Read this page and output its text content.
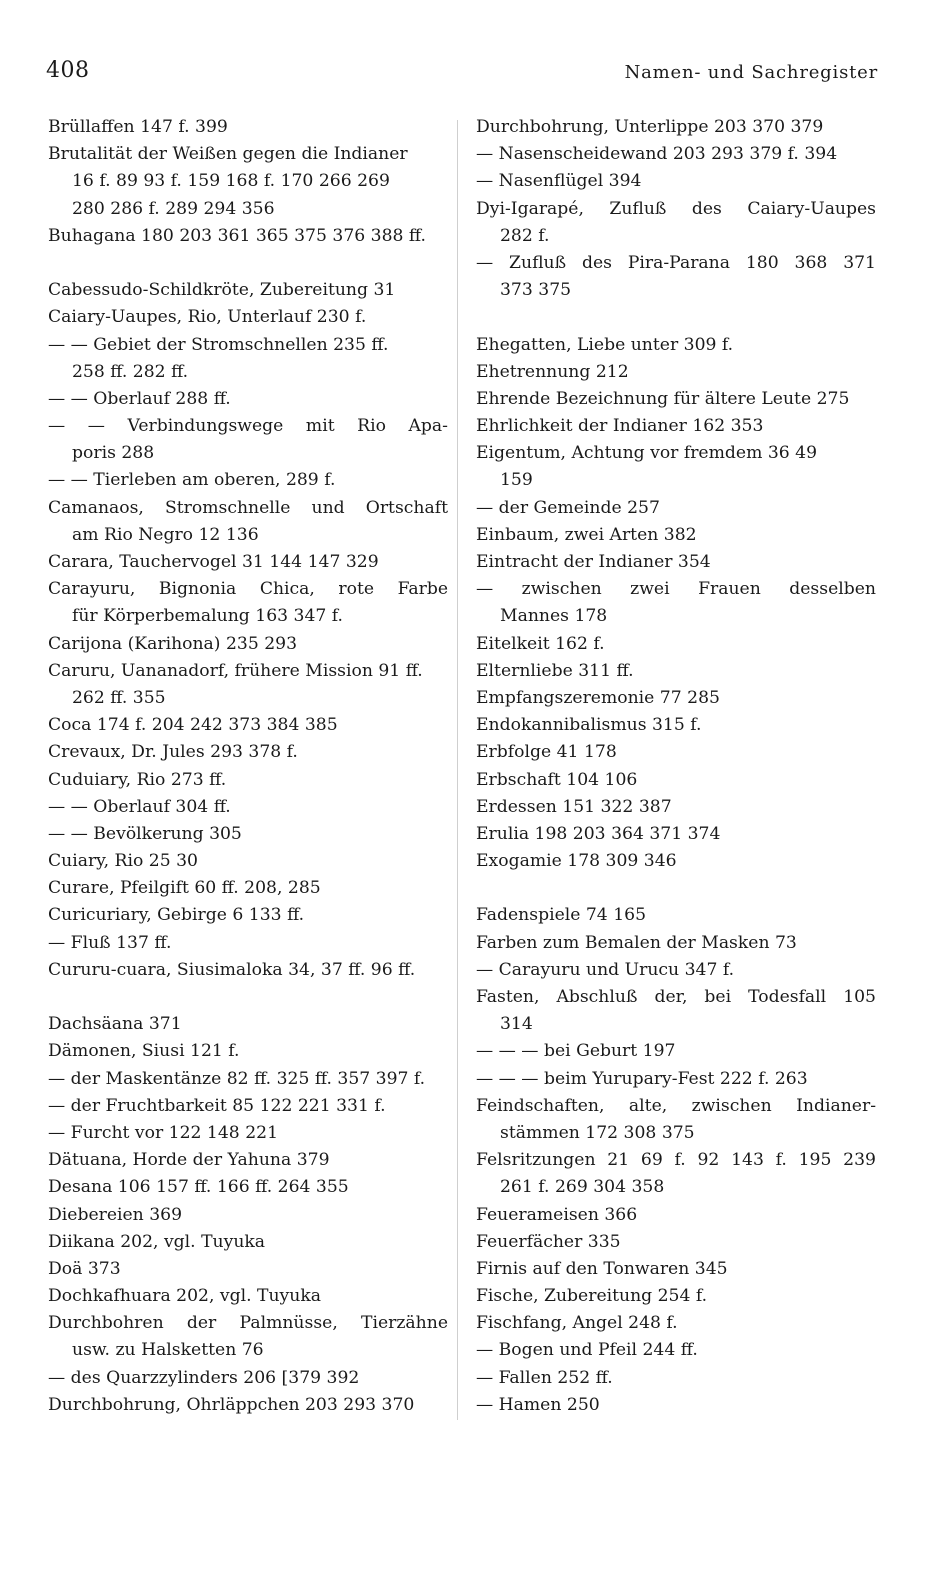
408	Namen- und Sachregister
Brüllaffen 147 f. 399
Brutalität der Weißen gegen die Indianer
16 f. 89 93 f. 159 168 f. 170 266 269
280 286 f. 289 294 356
Buhagana 180 203 361 365 375 376 388 ff.
Cabessudo-Schildkröte, Zubereitung 31
Caiary-Uaupes, Rio, Unterlauf 230 f.
— — Gebiet der Stromschnellen 235 ff.
258 ff. 282 ff.
— — Oberlauf 288 ff.
— — Verbindungswege mit Rio Apa-
poris 288
— — Tierleben am oberen, 289 f.
Camanaos, Stromschnelle und Ortschaft
am Rio Negro 12 136
Carara, Tauchervogel 31 144 147 329
Carayuru, Bignonia Chica, rote Farbe
für Körperbemalung 163 347 f.
Carijona (Karihona) 235 293
Caruru, Uananadorf, frühere Mission 91 ff.
262 ff. 355
Coca 174 f. 204 242 373 384 385
Crevaux, Dr. Jules 293 378 f.
Cuduiary, Rio 273 ff.
— — Oberlauf 304 ff.
— — Bevölkerung 305
Cuiary, Rio 25 30
Curare, Pfeilgift 60 ff. 208, 285
Curicuriary, Gebirge 6 133 ff.
— Fluß 137 ff.
Cururu-cuara, Siusimaloka 34, 37 ff. 96 ff.
Dachsäana 371
Dämonen, Siusi 121 f.
— der Maskentänze 82 ff. 325 ff. 357 397 f.
— der Fruchtbarkeit 85 122 221 331 f.
— Furcht vor 122 148 221
Dätuana, Horde der Yahuna 379
Desana 106 157 ff. 166 ff. 264 355
Diebereien 369
Diikana 202, vgl. Tuyuka
Doä 373
Dochkafhuara 202, vgl. Tuyuka
Durchbohren der Palmnüsse, Tierzähne
usw. zu Halsketten 76
— des Quarzzylinders 206 [379 392
Durchbohrung, Ohrläppchen 203 293 370
Durchbohrung, Unterlippe 203 370 379
— Nasenscheidewand 203 293 379 f. 394
— Nasenflügel 394
Dyi-Igarapé, Zufluß des Caiary-Uaupes
282 f.
— Zufluß des Pira-Parana 180 368 371
373 375
Ehegatten, Liebe unter 309 f.
Ehetrennung 212
Ehrende Bezeichnung für ältere Leute 275
Ehrlichkeit der Indianer 162 353
Eigentum, Achtung vor fremdem 36 49
159
— der Gemeinde 257
Einbaum, zwei Arten 382
Eintracht der Indianer 354
— zwischen zwei Frauen desselben
Mannes 178
Eitelkeit 162 f.
Elternliebe 311 ff.
Empfangszeremonie 77 285
Endokannibalismus 315 f.
Erbfolge 41 178
Erbschaft 104 106
Erdessen 151 322 387
Erulia 198 203 364 371 374
Exogamie 178 309 346
Fadenspiele 74 165
Farben zum Bemalen der Masken 73
— Carayuru und Urucu 347 f.
Fasten, Abschluß der, bei Todesfall 105
314
— — — bei Geburt 197
— — — beim Yurupary-Fest 222 f. 263
Feindschaften, alte, zwischen Indianer-
stämmen 172 308 375
Felsritzungen 21 69 f. 92 143 f. 195 239
261 f. 269 304 358
Feuerameisen 366
Feuerfächer 335
Firnis auf den Tonwaren 345
Fische, Zubereitung 254 f.
Fischfang, Angel 248 f.
— Bogen und Pfeil 244 ff.
— Fallen 252 ff.
— Hamen 250
